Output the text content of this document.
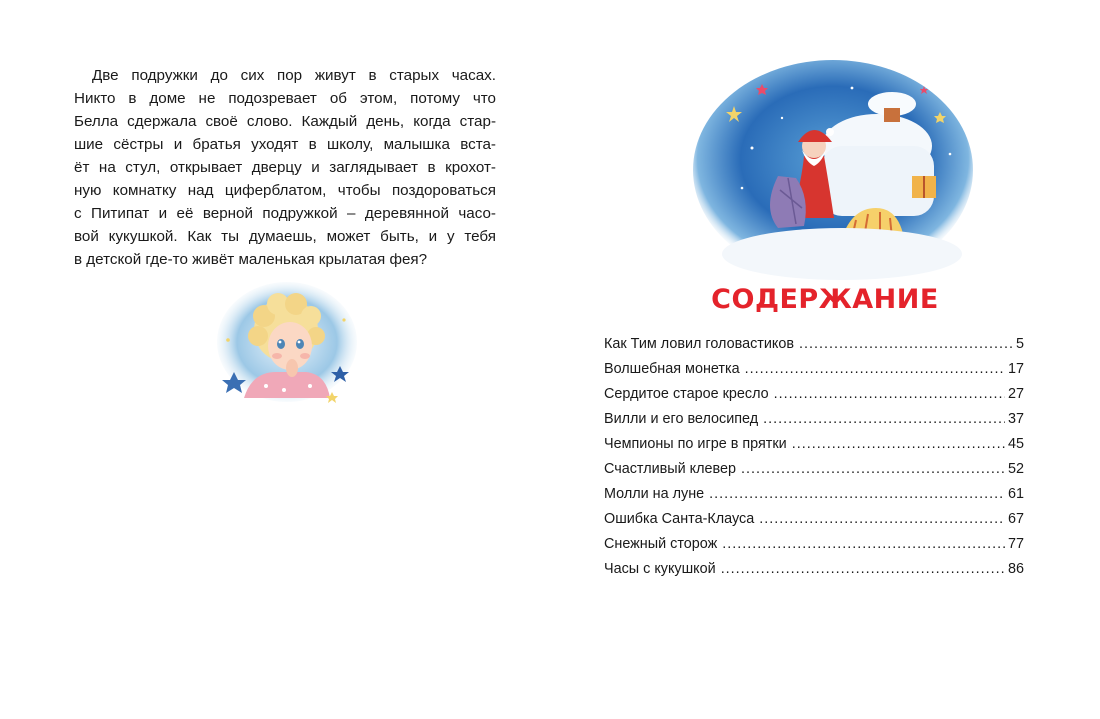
Две подружки до сих пор живут в старых часах.
Никто в доме не подозревает об этом, потому что
Белла сдержала своё слово. Каждый день, когда стар-
шие сёстры и братья уходят в школу, малышка вста-
ёт на стул, открывает дверцу и заглядывает в крохот-
ную комнатку над циферблатом, чтобы поздороваться
с Питипат и её верной подружкой – деревянной часо-
вой кукушкой. Как ты думаешь, может быть, и у тебя
в детской где-то живёт маленькая крылатая фея?
СОДЕРЖАНИЕ
Как Тим ловил головастиков .....	5
Волшебная монетка .....	17
Сердитое старое кресло .....	27
Вилли и его велосипед .....	37
Чемпионы по игре в прятки .....	45
Счастливый клевер .....	52
Молли на луне .....	61
Ошибка Санта-Клауса .....	67
Снежный сторож .....	77
Часы с кукушкой .....	86
